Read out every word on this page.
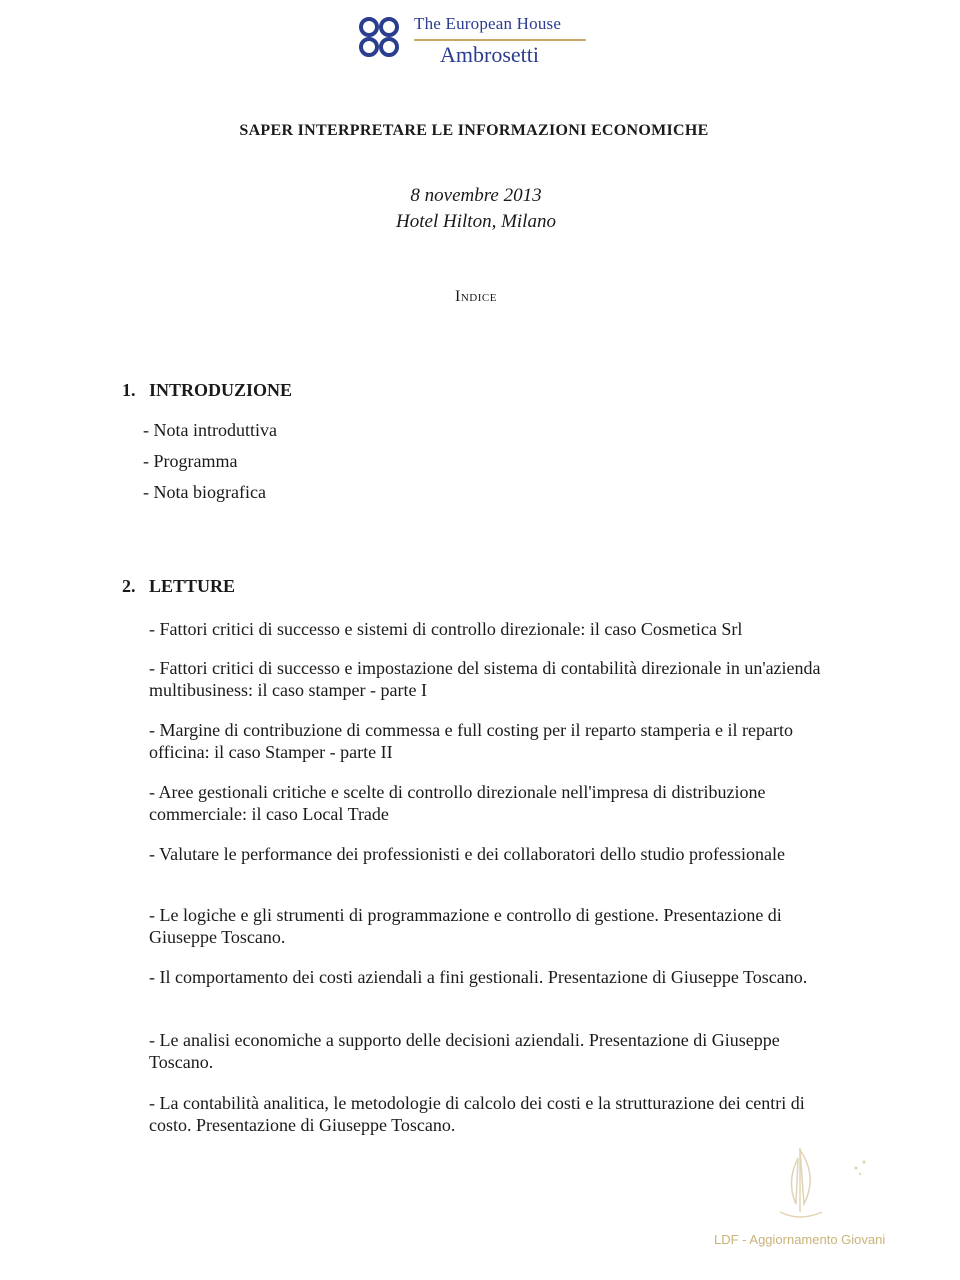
The European House
Ambrosetti
SAPER INTERPRETARE LE INFORMAZIONI ECONOMICHE
8 novembre 2013
Hotel Hilton, Milano
Indice
1. INTRODUZIONE
- Nota introduttiva
- Programma
- Nota biografica
2. LETTURE
- Fattori critici di successo e sistemi di controllo direzionale: il caso Cosmetica Srl
- Fattori critici di successo e impostazione del sistema di contabilità direzionale in un'azienda multibusiness: il caso stamper - parte I
- Margine di contribuzione di commessa e full costing per il reparto stamperia e il reparto officina: il caso Stamper - parte II
- Aree gestionali critiche e scelte di controllo direzionale nell'impresa di distribuzione commerciale: il caso Local Trade
- Valutare le performance dei professionisti e dei collaboratori dello studio professionale
- Le logiche e gli strumenti di programmazione e controllo di gestione. Presentazione di Giuseppe Toscano.
- Il comportamento dei costi aziendali a fini gestionali. Presentazione di Giuseppe Toscano.
- Le analisi economiche a supporto delle decisioni aziendali. Presentazione di Giuseppe Toscano.
- La contabilità analitica, le metodologie di calcolo dei costi e la strutturazione dei centri di costo. Presentazione di Giuseppe Toscano.
LDF - Aggiornamento Giovani
